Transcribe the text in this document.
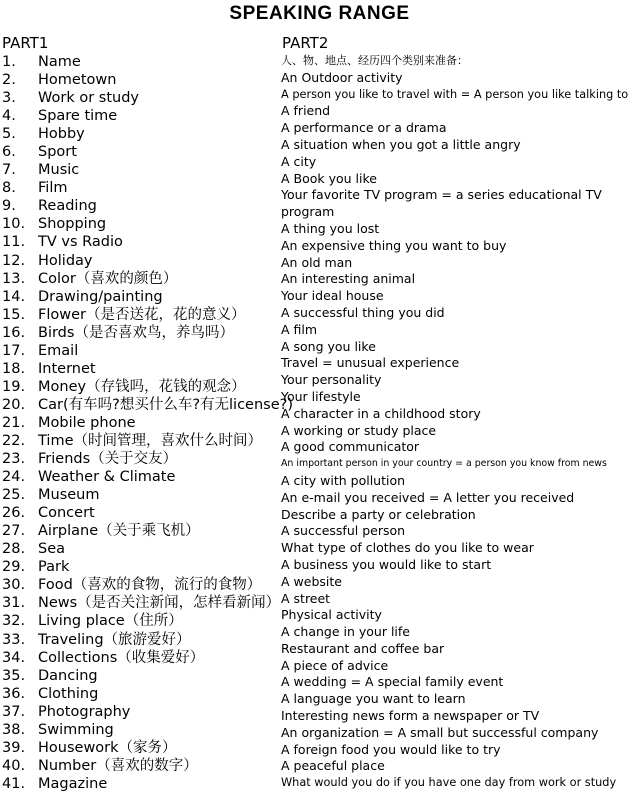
SPEAKING RANGE
PART1	PART2
1. Name
2. Hometown
3. Work or study
4. Spare time
5. Hobby
6. Sport
7. Music
8. Film
9. Reading
10. Shopping
11. TV vs Radio
12. Holiday
13. Color（喜欢的颜色）
14. Drawing/painting
15. Flower（是否送花，花的意义）
16. Birds（是否喜欢鸟，养鸟吗）
17. Email
18. Internet
19. Money（存钱吗，花钱的观念）
20. Car(有车吗?想买什么车?有无license?)
21. Mobile phone
22. Time（时间管理，喜欢什么时间）
23. Friends（关于交友）
24. Weather & Climate
25. Museum
26. Concert
27. Airplane（关于乘飞机）
28. Sea
29. Park
30. Food（喜欢的食物，流行的食物）
31. News（是否关注新闻，怎样看新闻）
32. Living place（住所）
33. Traveling（旅游爱好）
34. Collections（收集爱好）
35. Dancing
36. Clothing
37. Photography
38. Swimming
39. Housework（家务）
40. Number（喜欢的数字）
41. Magazine
人、物、地点、经历四个类别来准备：
An Outdoor activity
A person you like to travel with = A person you like talking to
A friend
A performance or a drama
A situation when you got a little angry
A city
A Book you like
Your favorite TV program = a series educational TV
program
A thing you lost
An expensive thing you want to buy
An old man
An interesting animal
Your ideal house
A successful thing you did
A film
A song you like
Travel = unusual experience
Your personality
Your lifestyle
A character in a childhood story
A working or study place
A good communicator
An important person in your country = a person you know from news
A city with pollution
An e-mail you received = A letter you received
Describe a party or celebration
A successful person
What type of clothes do you like to wear
A business you would like to start
A website
A street
Physical activity
A change in your life
Restaurant and coffee bar
A piece of advice
A wedding = A special family event
A language you want to learn
Interesting news form a newspaper or TV
An organization = A small but successful company
A foreign food you would like to try
A peaceful place
What would you do if you have one day from work or study
